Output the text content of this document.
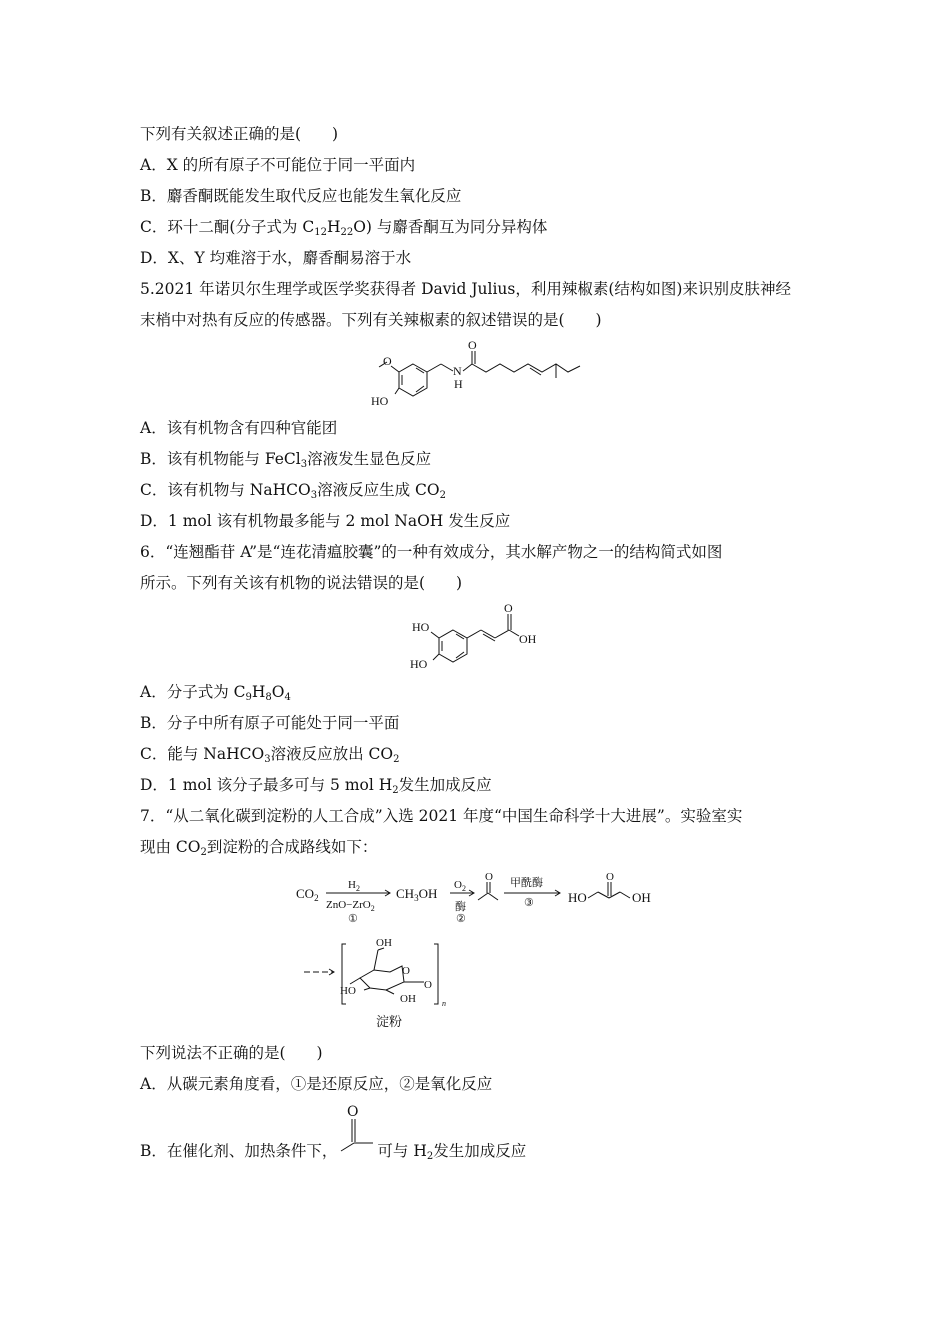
下列有关叙述正确的是(　　)
A．X 的所有原子不可能位于同一平面内
B．麝香酮既能发生取代反应也能发生氧化反应
C．环十二酮(分子式为 $C_{12}H_{22}O$) 与麝香酮互为同分异构体
D．X、Y 均难溶于水，麝香酮易溶于水
5.2021 年诺贝尔生理学或医学奖获得者 David Julius，利用辣椒素(结构如图)来识别皮肤神经
末梢中对热有反应的传感器。下列有关辣椒素的叙述错误的是(　　)
O
O
HO
N
H
A．该有机物含有四种官能团
B．该有机物能与 FeCl$_3$溶液发生显色反应
C．该有机物与 NaHCO$_3$溶液反应生成 $CO_2$
D．1 mol 该有机物最多能与 2 mol NaOH 发生反应
6．“连翘酯苷 A”是“连花清瘟胶囊”的一种有效成分，其水解产物之一的结构简式如图
所示。下列有关该有机物的说法错误的是(　　)
HO
HO
O
OH
A．分子式为 $C_9H_8O_4$
B．分子中所有原子可能处于同一平面
C．能与 NaHCO$_3$溶液反应放出 $CO_2$
D．1 mol 该分子最多可与 5 mol $H_2$发生加成反应
7．“从二氧化碳到淀粉的人工合成”入选 2021 年度“中国生命科学十大进展”。实验室实
现由 $CO_2$到淀粉的合成路线如下：
$CO_2$
$H_2$
ZnO−ZrO$_2$
①
$CH_3OH$
$O_2$
酶
②
O 甲酰酶
③	HO
O
OH
OH
HO
OH
O
O
n
淀粉
下列说法不正确的是(　　)
A．从碳元素角度看，①是还原反应，②是氧化反应
B．在催化剂、加热条件下，
O
可与 $H_2$发生加成反应
